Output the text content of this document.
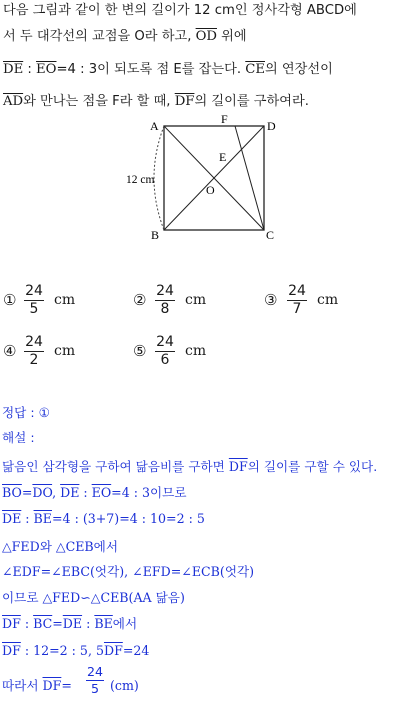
다음 그림과 같이 한 변의 길이가 12 cm인 정사각형 ABCD에
서 두 대각선의 교점을 O라 하고, $\overline{OD}$ 위에
$\overline{DE}$ : $\overline{EO}=4$ : 3이 되도록 점 E를 잡는다. $\overline{CE}$의 연장선이
$\overline{AD}$와 만나는 점을 F라 할 때, $\overline{DF}$의 길이를 구하여라.
A
B	C
D
F
E
O
12 cm
① 24
5
cm	② 24
8
cm	③ 24
7
cm
④ 24
2
cm	⑤ 24
6
cm
정답 : ①
해설 :
닮음인 삼각형을 구하여 닮음비를 구하면 $\overline{DF}$의 길이를 구할 수 있다.
$\overline{BO}=\overline{DO}$, $\overline{DE}$ : $\overline{EO}=4$ : 3이므로
$\overline{DE}$ : $\overline{BE}=4$ : (3+7)=4 : 10=2 : 5
△FED와 △CEB에서
∠EDF=∠EBC(엇각), ∠EFD=∠ECB(엇각)
이므로 △FED∽△CEB(AA 닮음)
$\overline{DF}$ : $\overline{BC}=\overline{DE}$ : $\overline{BE}$에서
$\overline{DF}$ : 12=2 : 5, $5\overline{DF}=24$
따라서 $\overline{DF}=$
24
5 (cm)
